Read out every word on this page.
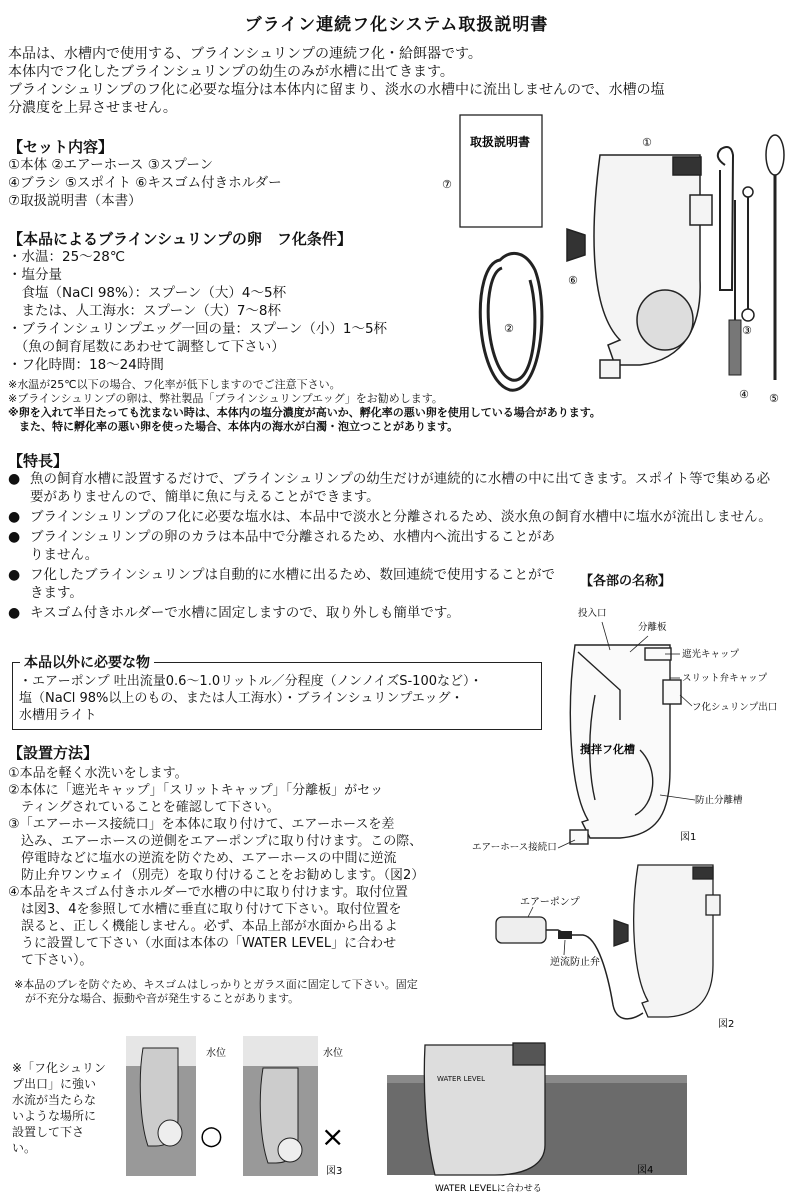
ブライン連続フ化システム取扱説明書
本品は、水槽内で使用する、ブラインシュリンプの連続フ化・給餌器です。
本体内でフ化したブラインシュリンプの幼生のみが水槽に出てきます。
ブラインシュリンプのフ化に必要な塩分は本体内に留まり、淡水の水槽中に流出しませんので、水槽の塩
分濃度を上昇させません。
【セット内容】
①本体 ②エアーホース ③スプーン
④ブラシ ⑤スポイト ⑥キスゴム付きホルダー
⑦取扱説明書（本書）
【本品によるブラインシュリンプの卵　フ化条件】
・水温：25～28℃
・塩分量
　食塩（NaCl 98%）：スプーン（大）4～5杯
　または、人工海水：スプーン（大）7～8杯
・ブラインシュリンプエッグ一回の量：スプーン（小）1～5杯
　（魚の飼育尾数にあわせて調整して下さい）
・フ化時間：18～24時間
※水温が25℃以下の場合、フ化率が低下しますのでご注意下さい。
※ブラインシュリンプの卵は、弊社製品「ブラインシュリンプエッグ」をお勧めします。
※卵を入れて半日たっても沈まない時は、本体内の塩分濃度が高いか、孵化率の悪い卵を使用している場合があります。
　また、特に孵化率の悪い卵を使った場合、本体内の海水が白濁・泡立つことがあります。
取扱説明書
⑦
②
①
⑥
④
③
⑤
【特長】
● 魚の飼育水槽に設置するだけで、ブラインシュリンプの幼生だけが連続的に水槽の中に出てきます。スポイト等で集める必要がありませんので、簡単に魚に与えることができます。
● ブラインシュリンプのフ化に必要な塩水は、本品中で淡水と分離されるため、淡水魚の飼育水槽中に塩水が流出しません。
● ブラインシュリンプの卵のカラは本品中で分離されるため、水槽内へ流出することがありません。
● フ化したブラインシュリンプは自動的に水槽に出るため、数回連続で使用することができます。
● キスゴム付きホルダーで水槽に固定しますので、取り外しも簡単です。
・エアーポンプ 吐出流量0.6～1.0リットル／分程度（ノンノイズS-100など）・
塩（NaCl 98%以上のもの、または人工海水）・ブラインシュリンプエッグ・
水槽用ライト
本品以外に必要な物
【各部の名称】
投入口
分離板
遮光キャップ
スリット弁キャップ
フ化シュリンプ出口
撹拌フ化槽
防止分離槽
エアーホース接続口
図1
【設置方法】
①本品を軽く水洗いをします。
②本体に「遮光キャップ」「スリットキャップ」「分離板」がセッ
　ティングされていることを確認して下さい。
③「エアーホース接続口」を本体に取り付けて、エアーホースを差
　込み、エアーホースの逆側をエアーポンプに取り付けます。この際、
　停電時などに塩水の逆流を防ぐため、エアーホースの中間に逆流
　防止弁ワンウェイ（別売）を取り付けることをお勧めします。（図2）
④本品をキスゴム付きホルダーで水槽の中に取り付けます。取付位置
　は図3、4を参照して水槽に垂直に取り付けて下さい。取付位置を
　誤ると、正しく機能しません。必ず、本品上部が水面から出るよ
　うに設置して下さい（水面は本体の「WATER LEVEL」に合わせ
　て下さい）。
※本品のブレを防ぐため、キスゴムはしっかりとガラス面に固定して下さい。固定
　が不充分な場合、振動や音が発生することがあります。
エアーポンプ
逆流防止弁
図2
※「フ化シュリン
プ出口」に強い
水流が当たらな
いような場所に
設置して下さ
い。
水位
○
水位
×
図3
WATER LEVEL
図4
WATER LEVELに合わせる
